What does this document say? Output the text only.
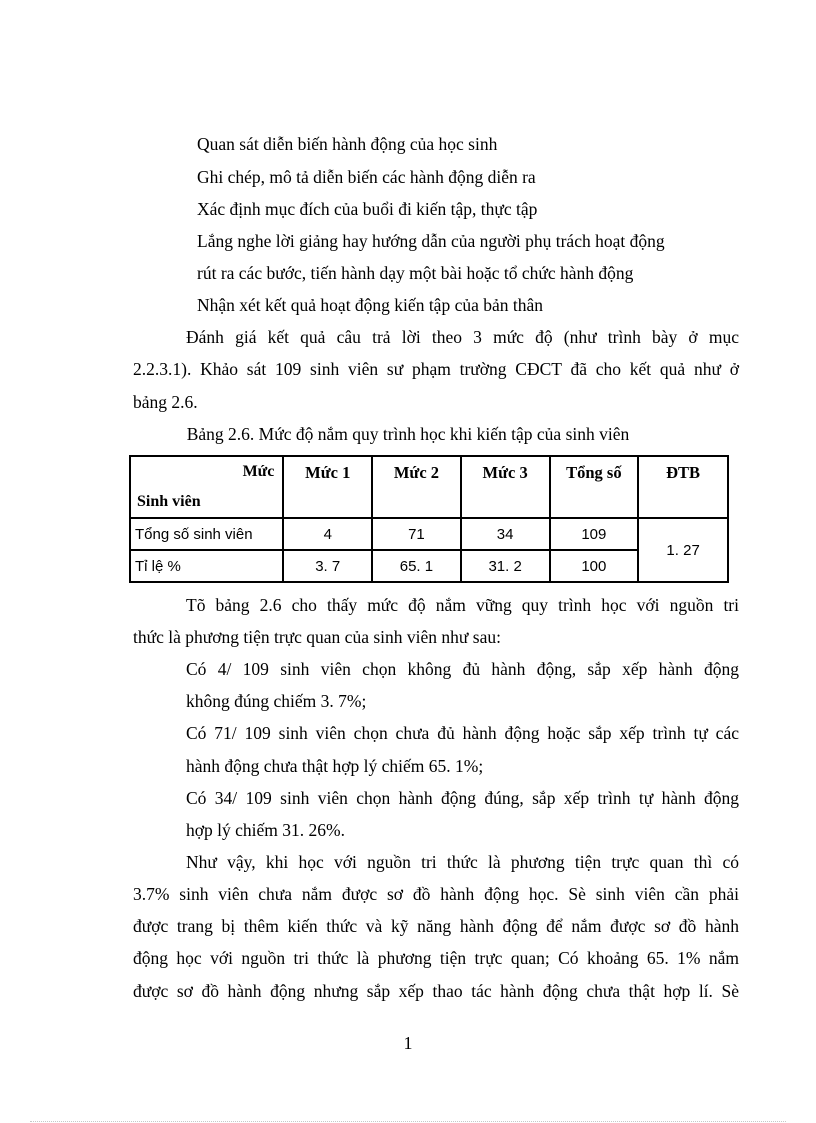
Quan sát diễn biến hành động của học sinh
Ghi chép, mô tả diễn biến các hành động diễn ra
Xác định mục đích của buổi đi kiến tập, thực tập
Lắng nghe lời giảng hay hướng dẫn của người phụ trách hoạt động
rút ra các bước, tiến hành dạy một bài hoặc tổ chức hành động
Nhận xét kết quả hoạt động kiến tập của bản thân
Đánh giá kết quả câu trả lời theo 3 mức độ (như trình bày ở mục
2.2.3.1). Khảo sát 109 sinh viên sư phạm trường CĐCT đã cho kết quả như ở
bảng 2.6.
Bảng 2.6. Mức độ nắm quy trình học khi kiến tập của sinh viên
Mức
Sinh viên	Mức 1	Mức 2	Mức 3	Tổng số	ĐTB
Tổng số sinh viên	4	71	34	109	1. 27
Tỉ lệ %	3. 7	65. 1	31. 2	100	
Tõ bảng 2.6 cho thấy mức độ nắm vững quy trình học với nguồn tri
thức là phương tiện trực quan của sinh viên như sau:
Có 4/ 109 sinh viên chọn không đủ hành động, sắp xếp hành động
không đúng chiếm 3. 7%;
Có 71/ 109 sinh viên chọn chưa đủ hành động hoặc sắp xếp trình tự các
hành động chưa thật hợp lý chiếm 65. 1%;
Có 34/ 109 sinh viên chọn hành động đúng, sắp xếp trình tự hành động
hợp lý chiếm 31. 26%.
Như vậy, khi học với nguồn tri thức là phương tiện trực quan thì có
3.7% sinh viên chưa nắm được sơ đồ hành động học. Sè sinh viên cần phải
được trang bị thêm kiến thức và kỹ năng hành động để nắm được sơ đồ hành
động học với nguồn tri thức là phương tiện trực quan; Có khoảng 65. 1% nắm
được sơ đồ hành động nhưng sắp xếp thao tác hành động chưa thật hợp lí. Sè
1
